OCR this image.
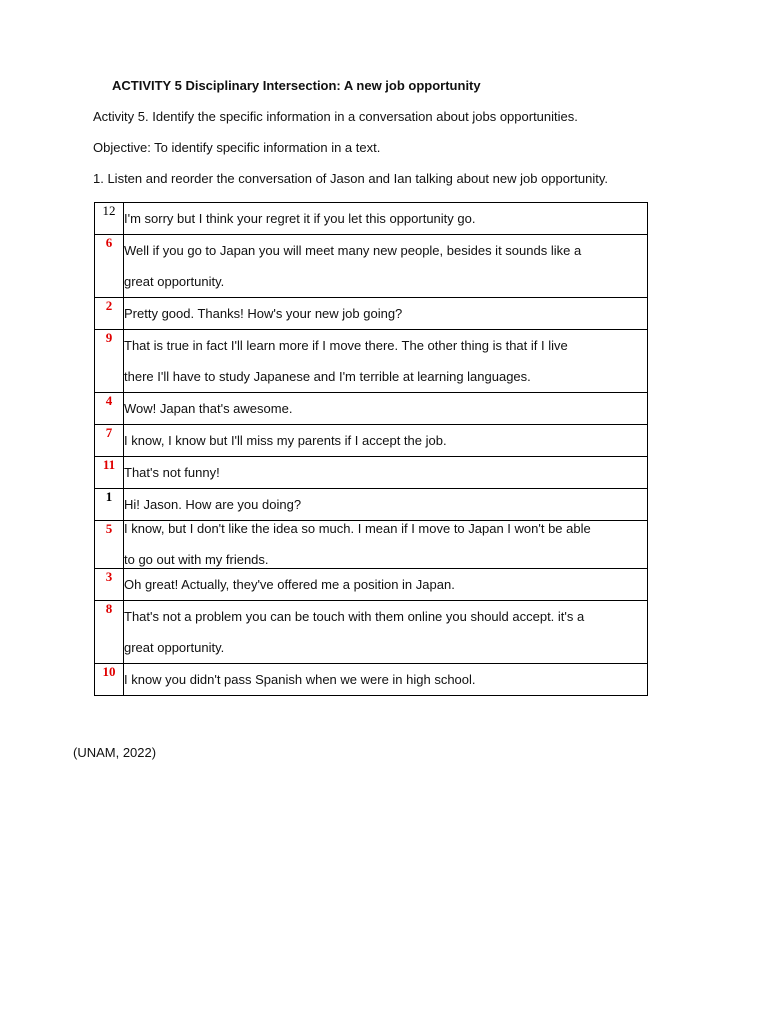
ACTIVITY 5 Disciplinary Intersection: A new job opportunity
Activity 5. Identify the specific information in a conversation about jobs opportunities.
Objective: To identify specific information in a text.
1. Listen and reorder the conversation of Jason and Ian talking about new job opportunity.
12	I'm sorry but I think your regret it if you let this opportunity go.

6	Well if you go to Japan you will meet many new people, besides it sounds like a
great opportunity.

2	Pretty good. Thanks! How's your new job going?

9	That is true in fact I'll learn more if I move there. The other thing is that if I live
there I'll have to study Japanese and I'm terrible at learning languages.

4	Wow! Japan that's awesome.

7	I know, I know but I'll miss my parents if I accept the job.

11	That's not funny!

1	Hi! Jason. How are you doing?

5	I know, but I don't like the idea so much. I mean if I move to Japan I won't be able
to go out with my friends.

3	Oh great! Actually, they've offered me a position in Japan.

8	That's not a problem you can be touch with them online you should accept. it's a
great opportunity.

10	I know you didn't pass Spanish when we were in high school.
(UNAM, 2022)
